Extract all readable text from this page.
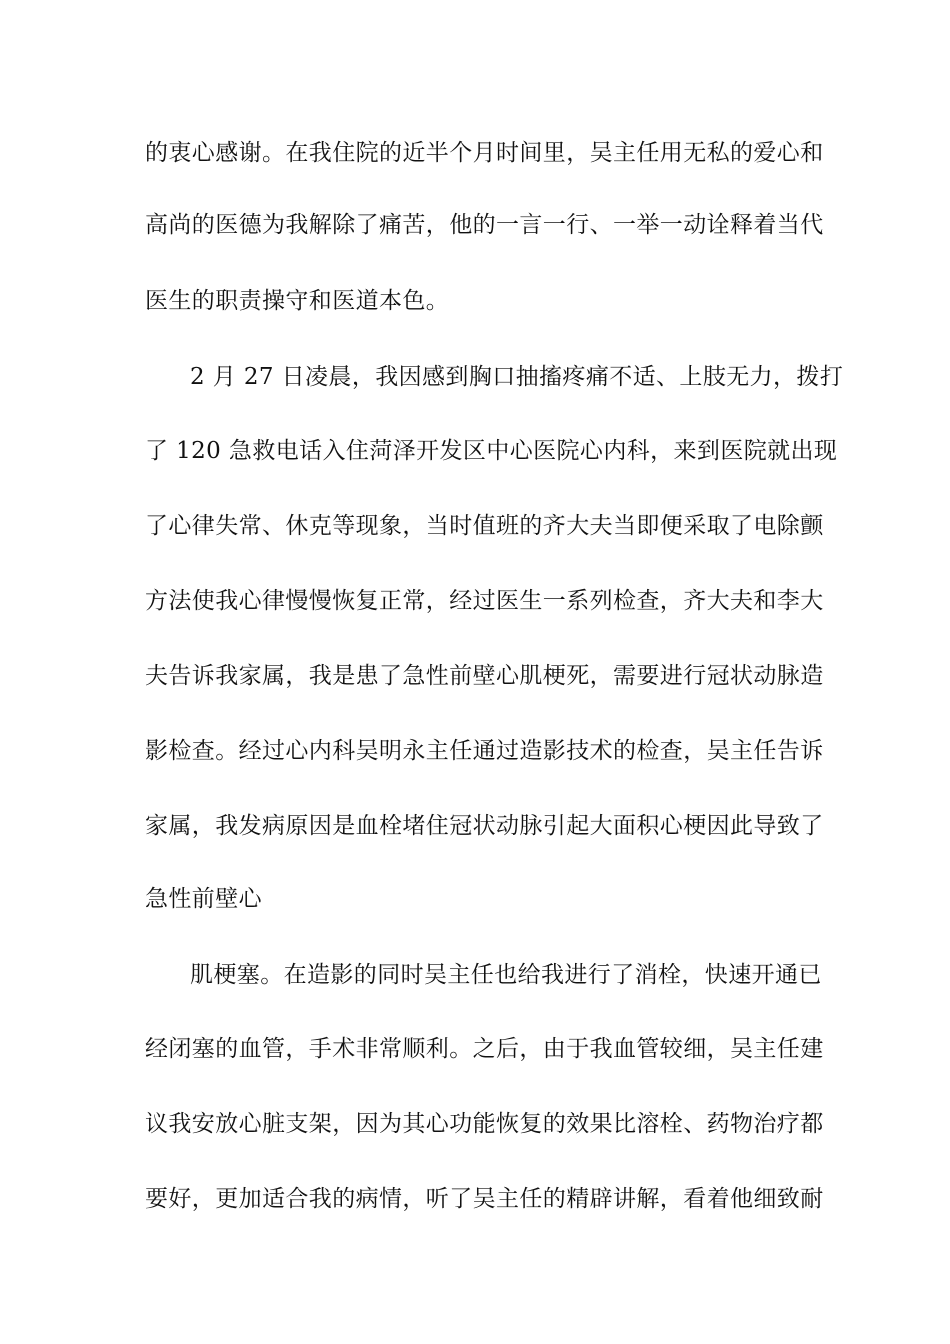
的衷心感谢。在我住院的近半个月时间里，吴主任用无私的爱心和
高尚的医德为我解除了痛苦，他的一言一行、一举一动诠释着当代
医生的职责操守和医道本色。
2 月 27 日凌晨，我因感到胸口抽搐疼痛不适、上肢无力，拨打
了 120 急救电话入住菏泽开发区中心医院心内科，来到医院就出现
了心律失常、休克等现象，当时值班的齐大夫当即便采取了电除颤
方法使我心律慢慢恢复正常，经过医生一系列检查，齐大夫和李大
夫告诉我家属，我是患了急性前壁心肌梗死，需要进行冠状动脉造
影检查。经过心内科吴明永主任通过造影技术的检查，吴主任告诉
家属，我发病原因是血栓堵住冠状动脉引起大面积心梗因此导致了
急性前壁心
肌梗塞。在造影的同时吴主任也给我进行了消栓，快速开通已
经闭塞的血管，手术非常顺利。之后，由于我血管较细，吴主任建
议我安放心脏支架，因为其心功能恢复的效果比溶栓、药物治疗都
要好，更加适合我的病情，听了吴主任的精辟讲解，看着他细致耐
